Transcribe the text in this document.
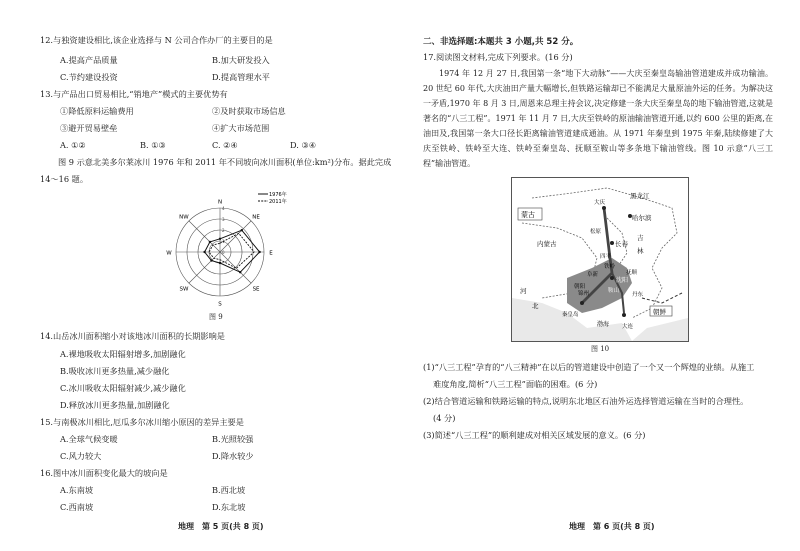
12.与独资建设相比,该企业选择与 N 公司合作办厂的主要目的是
A.提高产品质量	B.加大研发投入
C.节约建设投资	D.提高管理水平
13.与产品出口贸易相比,“销地产”模式的主要优势有
①降低原料运输费用	②及时获取市场信息
③避开贸易壁垒	④扩大市场范围
A. ①②	B. ①③	C. ②④	D. ③④
图 9 示意北美多尔莱冰川 1976 年和 2011 年不同坡向冰川面积(单位:km²)分布。据此完成
14～16 题。
N
NE
E
SE
S
SW
W
NW
0
1
2
3
4
1976年
2011年
图 9
14.山岳冰川面积缩小对该地冰川面积的长期影响是
A.裸地吸收太阳辐射增多,加剧融化
B.吸收冰川更多热量,减少融化
C.冰川吸收太阳辐射减少,减少融化
D.释放冰川更多热量,加剧融化
15.与南极冰川相比,厄瓜多尔冰川缩小原因的差异主要是
A.全球气候变暖	B.光照较强
C.风力较大	D.降水较少
16.图中冰川面积变化最大的坡向是
A.东南坡	B.西北坡
C.西南坡	D.东北坡
地理　第 5 页(共 8 页)
二、非选择题:本题共 3 小题,共 52 分。
17.阅读图文材料,完成下列要求。(16 分)
1974 年 12 月 27 日,我国第一条“地下大动脉”——大庆至秦皇岛输油管道建成并成功输油。20 世纪 60 年代,大庆油田产量大幅增长,但铁路运输却已不能满足大量原油外运的任务。为解决这一矛盾,1970 年 8 月 3 日,周恩来总理主持会议,决定修建一条大庆至秦皇岛的地下输油管道,这就是著名的“八三工程”。1971 年 11 月 7 日,大庆至铁岭的原油输油管道开通,以约 600 公里的距离,在油田及,我国第一条大口径长距离输油管道建成通油。从 1971 年秦皇到 1975 年秦,陆续修建了大庆至铁岭、铁岭至大连、铁岭至秦皇岛、抚顺至鞍山等多条地下输油管线。图 10 示意“八三工程”输油管道。
蒙古
黑龙江
大庆
哈尔滨
内蒙古
松原
长春
吉
林
四平
铁岭
沈阳
抚顺
阜新
鞍山
丹东
朝阳
锦州
河
北
秦皇岛
渤海 大连
朝鲜
图 10
(1)“八三工程”孕育的“八三精神”在以后的管道建设中创造了一个又一个辉煌的业绩。从施工
难度角度,简析“八三工程”面临的困难。(6 分)
(2)结合管道运输和铁路运输的特点,说明东北地区石油外运选择管道运输在当时的合理性。
(4 分)
(3)简述“八三工程”的顺利建成对相关区域发展的意义。(6 分)
地理　第 6 页(共 8 页)
